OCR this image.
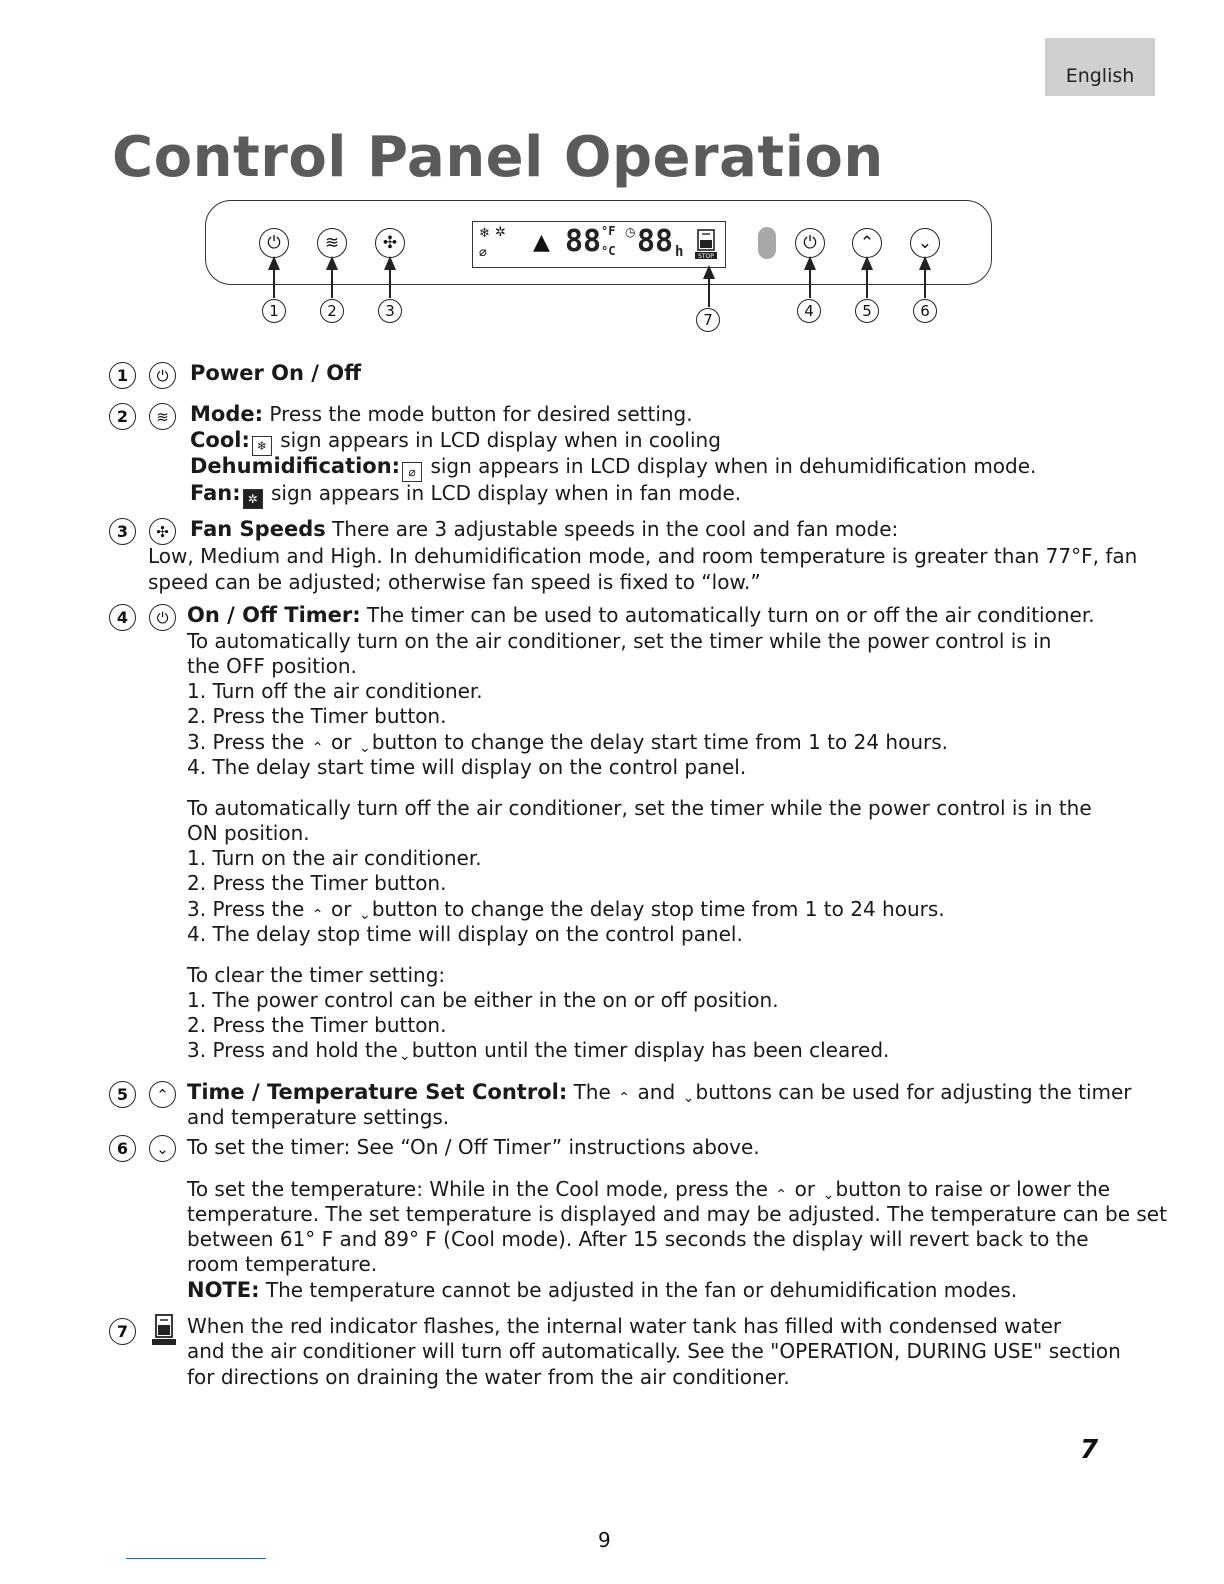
English
Control Panel Operation
⏻	≋	✣	❄ ✲
⌀ ▲ 88 °F
°C
◷ 88 h STOP
⏻	⌃	⌄
1	2	3	4	5	6
7
1	⏻	Power On / Off
2	≋	Mode: Press the mode button for desired setting.
Cool: ❄ sign appears in LCD display when in cooling
Dehumidification: ⌀ sign appears in LCD display when in dehumidification mode.
Fan: ✲ sign appears in LCD display when in fan mode.
3	✣	Fan Speeds There are 3 adjustable speeds in the cool and fan mode:
Low, Medium and High. In dehumidification mode, and room temperature is greater than 77°F, fan
speed can be adjusted; otherwise fan speed is fixed to “low.”
4	⏻ On / Off Timer: The timer can be used to automatically turn on or off the air conditioner.
To automatically turn on the air conditioner, set the timer while the power control is in
the OFF position.
1. Turn off the air conditioner.
2. Press the Timer button.
3. Press the ⌃ or ⌄button to change the delay start time from 1 to 24 hours.
4. The delay start time will display on the control panel.
To automatically turn off the air conditioner, set the timer while the power control is in the
ON position.
1. Turn on the air conditioner.
2. Press the Timer button.
3. Press the ⌃ or ⌄button to change the delay stop time from 1 to 24 hours.
4. The delay stop time will display on the control panel.
To clear the timer setting:
1. The power control can be either in the on or off position.
2. Press the Timer button.
3. Press and hold the⌄button until the timer display has been cleared.
5	⌃ Time / Temperature Set Control: The ⌃ and ⌄buttons can be used for adjusting the timer
and temperature settings.
6	⌄ To set the timer: See “On / Off Timer” instructions above.
To set the temperature: While in the Cool mode, press the ⌃ or ⌄button to raise or lower the
temperature. The set temperature is displayed and may be adjusted. The temperature can be set
between 61° F and 89° F (Cool mode). After 15 seconds the display will revert back to the
room temperature.
NOTE: The temperature cannot be adjusted in the fan or dehumidification modes.
7	When the red indicator flashes, the internal water tank has filled with condensed water
and the air conditioner will turn off automatically. See the "OPERATION, DURING USE" section
for directions on draining the water from the air conditioner.
7
9
